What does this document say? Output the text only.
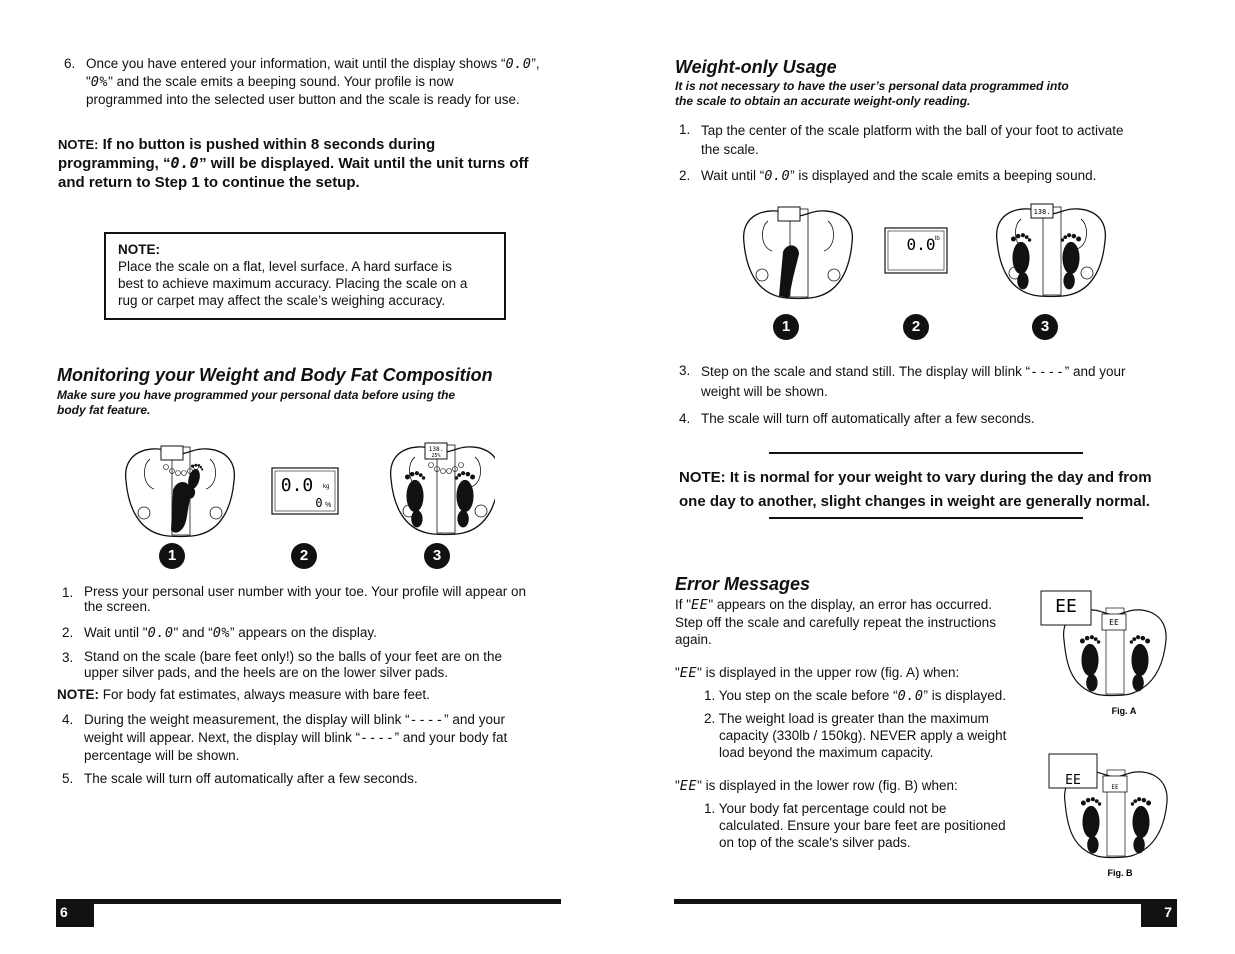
6. Once you have entered your information, wait until the display shows “0.0”,
"0%" and the scale emits a beeping sound. Your profile is now
programmed into the selected user button and the scale is ready for use.
NOTE: If no button is pushed within 8 seconds during
programming, “0.0” will be displayed. Wait until the unit turns off
and return to Step 1 to continue the setup.
NOTE:
Place the scale on a flat, level surface. A hard surface is
best to achieve maximum accuracy. Placing the scale on a
rug or carpet may affect the scale’s weighing accuracy.
Monitoring your Weight and Body Fat Composition
Make sure you have programmed your personal data before using the
body fat feature.
0.0 kg
0 %
138.
25%
1	2	3
1. Press your personal user number with your toe. Your profile will appear on
the screen.
2. Wait until "0.0" and “0%” appears on the display.
3. Stand on the scale (bare feet only!) so the balls of your feet are on the
upper silver pads, and the heels are on the lower silver pads.
NOTE: For body fat estimates, always measure with bare feet.
4. During the weight measurement, the display will blink “----” and your
weight will appear. Next, the display will blink “----” and your body fat
percentage will be shown.
5. The scale will turn off automatically after a few seconds.
6
Weight-only Usage
It is not necessary to have the user’s personal data programmed into
the scale to obtain an accurate weight-only reading.
1. Tap the center of the scale platform with the ball of your foot to activate
the scale.
2. Wait until “0.0” is displayed and the scale emits a beeping sound.
0.0 lb
138.
1	2	3
3. Step on the scale and stand still. The display will blink “----” and your
weight will be shown.
4. The scale will turn off automatically after a few seconds.
NOTE: It is normal for your weight to vary during the day and from
one day to another, slight changes in weight are generally normal.
Error Messages
If "EE" appears on the display, an error has occurred.
Step off the scale and carefully repeat the instructions
again.
"EE" is displayed in the upper row (fig. A) when:
1. You step on the scale before “0.0” is displayed.
2. The weight load is greater than the maximum
capacity (330lb / 150kg). NEVER apply a weight
load beyond the maximum capacity.
"EE" is displayed in the lower row (fig. B) when:
1. Your body fat percentage could not be
calculated. Ensure your bare feet are positioned
on top of the scale's silver pads.
EE
EE
Fig. A
EE
EE
Fig. B
7
